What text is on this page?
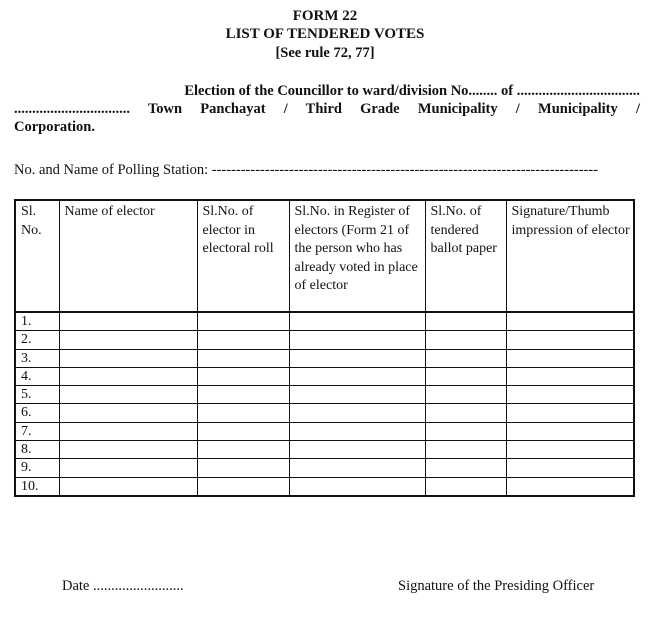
FORM 22
LIST OF TENDERED VOTES
[See rule 72, 77]
Election of the Councillor to ward/division No........ of ..................................
................................ Town Panchayat / Third Grade Municipality / Municipality /
Corporation.
No. and Name of Polling Station: --------------------------------------------------------------------------------
Sl. No.	Name of elector	Sl.No. of elector in electoral roll	Sl.No. in Register of electors (Form 21 of the person who has already voted in place of elector	Sl.No. of tendered ballot paper	Signature/Thumb impression of elector
1.					
2.					
3.					
4.					
5.					
6.					
7.					
8.					
9.					
10.					
Date .........................	Signature of the Presiding Officer
